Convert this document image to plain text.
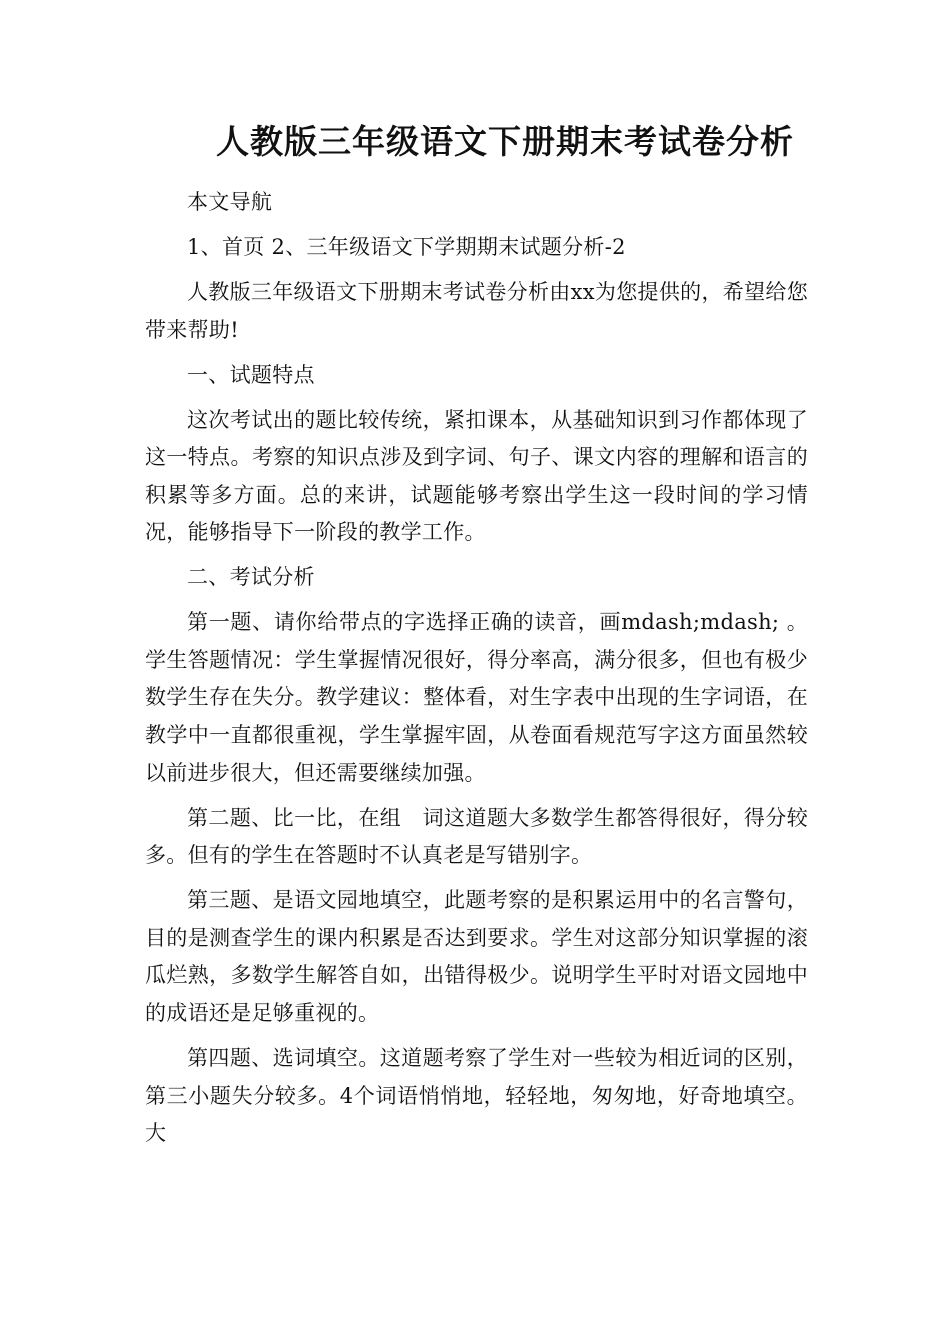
人教版三年级语文下册期末考试卷分析

本文导航

1、首页 2、三年级语文下学期期末试题分析-2

人教版三年级语文下册期末考试卷分析由xx为您提供的，希望给您带来帮助!

一、试题特点

这次考试出的题比较传统，紧扣课本，从基础知识到习作都体现了这一特点。考察的知识点涉及到字词、句子、课文内容的理解和语言的积累等多方面。总的来讲，试题能够考察出学生这一段时间的学习情况，能够指导下一阶段的教学工作。

二、考试分析

第一题、请你给带点的字选择正确的读音，画mdash;mdash; 。学生答题情况：学生掌握情况很好，得分率高，满分很多，但也有极少数学生存在失分。教学建议：整体看，对生字表中出现的生字词语，在教学中一直都很重视，学生掌握牢固，从卷面看规范写字这方面虽然较以前进步很大，但还需要继续加强。

第二题、比一比，在组　词这道题大多数学生都答得很好，得分较多。但有的学生在答题时不认真老是写错别字。

第三题、是语文园地填空，此题考察的是积累运用中的名言警句，目的是测查学生的课内积累是否达到要求。学生对这部分知识掌握的滚瓜烂熟，多数学生解答自如，出错得极少。说明学生平时对语文园地中的成语还是足够重视的。

第四题、选词填空。这道题考察了学生对一些较为相近词的区别，第三小题失分较多。4个词语悄悄地，轻轻地，匆匆地，好奇地填空。大
